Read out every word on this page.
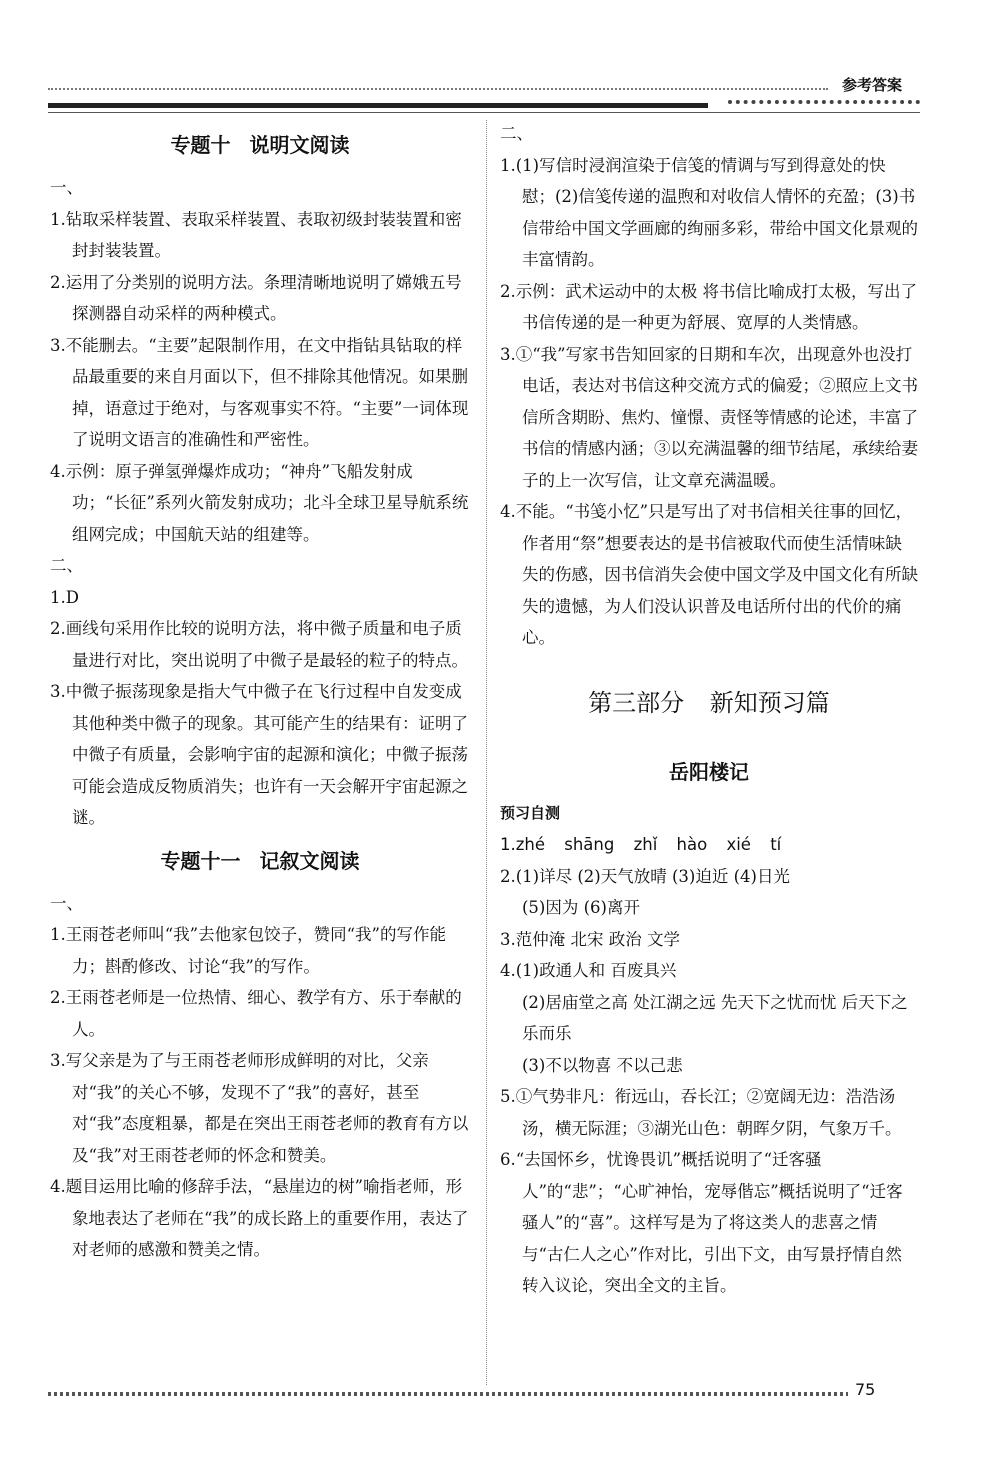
参考答案
专题十 说明文阅读

一、

1.钻取采样装置、表取采样装置、表取初级封装装置和密封封装装置。

2.运用了分类别的说明方法。条理清晰地说明了嫦娥五号探测器自动采样的两种模式。

3.不能删去。“主要”起限制作用，在文中指钻具钻取的样品最重要的来自月面以下，但不排除其他情况。如果删掉，语意过于绝对，与客观事实不符。“主要”一词体现了说明文语言的准确性和严密性。

4.示例：原子弹氢弹爆炸成功；“神舟”飞船发射成功；“长征”系列火箭发射成功；北斗全球卫星导航系统组网完成；中国航天站的组建等。

二、

1.D

2.画线句采用作比较的说明方法，将中微子质量和电子质量进行对比，突出说明了中微子是最轻的粒子的特点。

3.中微子振荡现象是指大气中微子在飞行过程中自发变成其他种类中微子的现象。其可能产生的结果有：证明了中微子有质量，会影响宇宙的起源和演化；中微子振荡可能会造成反物质消失；也许有一天会解开宇宙起源之谜。

专题十一 记叙文阅读

一、

1.王雨苍老师叫“我”去他家包饺子，赞同“我”的写作能力；斟酌修改、讨论“我”的写作。

2.王雨苍老师是一位热情、细心、教学有方、乐于奉献的人。

3.写父亲是为了与王雨苍老师形成鲜明的对比，父亲对“我”的关心不够，发现不了“我”的喜好，甚至对“我”态度粗暴，都是在突出王雨苍老师的教育有方以及“我”对王雨苍老师的怀念和赞美。

4.题目运用比喻的修辞手法，“悬崖边的树”喻指老师，形象地表达了老师在“我”的成长路上的重要作用，表达了对老师的感激和赞美之情。

二、

1.(1)写信时浸润渲染于信笺的情调与写到得意处的快慰；(2)信笺传递的温煦和对收信人情怀的充盈；(3)书信带给中国文学画廊的绚丽多彩，带给中国文化景观的丰富情韵。

2.示例：武术运动中的太极 将书信比喻成打太极，写出了书信传递的是一种更为舒展、宽厚的人类情感。

3.①“我”写家书告知回家的日期和车次，出现意外也没打电话，表达对书信这种交流方式的偏爱；②照应上文书信所含期盼、焦灼、憧憬、责怪等情感的论述，丰富了书信的情感内涵；③以充满温馨的细节结尾，承续给妻子的上一次写信，让文章充满温暖。

4.不能。“书笺小忆”只是写出了对书信相关往事的回忆，作者用“祭”想要表达的是书信被取代而使生活情味缺失的伤感，因书信消失会使中国文学及中国文化有所缺失的遗憾，为人们没认识普及电话所付出的代价的痛心。

第三部分 新知预习篇
岳阳楼记

预习自测

1.zhé shāng zhǐ hào xié tí

2.(1)详尽 (2)天气放晴 (3)迫近 (4)日光

(5)因为 (6)离开

3.范仲淹 北宋 政治 文学

4.(1)政通人和 百废具兴

(2)居庙堂之高 处江湖之远 先天下之忧而忧 后天下之乐而乐

(3)不以物喜 不以己悲

5.①气势非凡：衔远山，吞长江；②宽阔无边：浩浩汤汤，横无际涯；③湖光山色：朝晖夕阴，气象万千。

6.“去国怀乡，忧谗畏讥”概括说明了“迁客骚人”的“悲”；“心旷神怡，宠辱偕忘”概括说明了“迁客骚人”的“喜”。这样写是为了将这类人的悲喜之情与“古仁人之心”作对比，引出下文，由写景抒情自然转入议论，突出全文的主旨。

75
